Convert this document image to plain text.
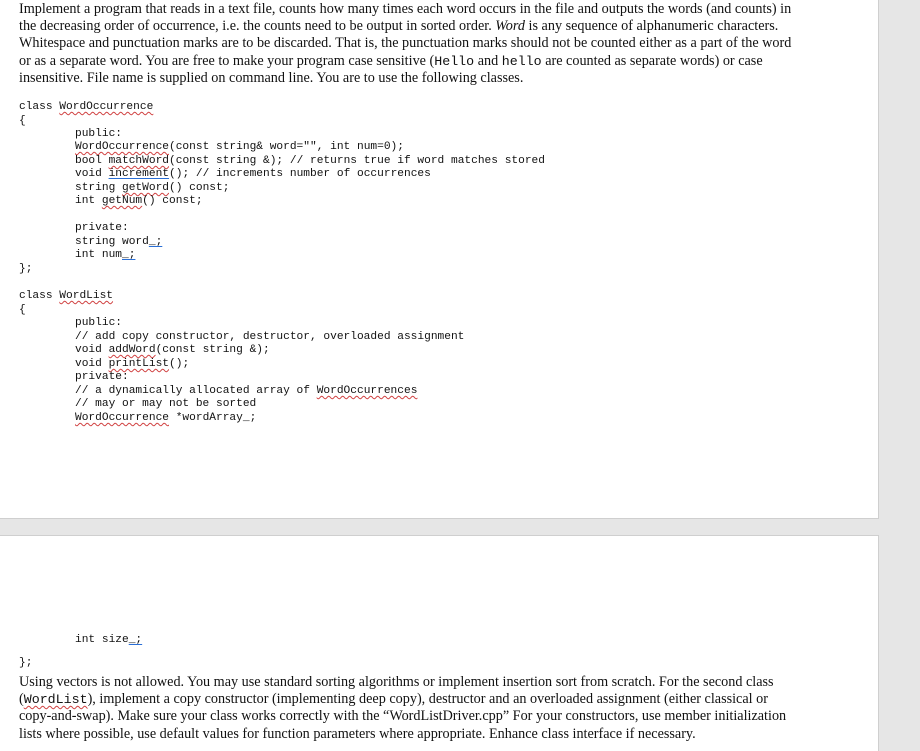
Implement a program that reads in a text file, counts how many times each word occurs in the file and outputs the words (and counts) in the decreasing order of occurrence, i.e. the counts need to be output in sorted order. Word is any sequence of alphanumeric characters. Whitespace and punctuation marks are to be discarded. That is, the punctuation marks should not be counted either as a part of the word or as a separate word. You are free to make your program case sensitive (Hello and hello are counted as separate words) or case insensitive. File name is supplied on command line. You are to use the following classes.
class WordOccurrence
{
public:
WordOccurrence(const string& word="", int num=0);
bool matchWord(const string &); // returns true if word matches stored
void increment(); // increments number of occurrences
string getWord() const;
int getNum() const;
private:
string word_;
int num_;
};
class WordList
{
public:
// add copy constructor, destructor, overloaded assignment
void addWord(const string &);
void printList();
private:
// a dynamically allocated array of WordOccurrences
// may or may not be sorted
WordOccurrence *wordArray_;
int size_;
};
Using vectors is not allowed. You may use standard sorting algorithms or implement insertion sort from scratch. For the second class (WordList), implement a copy constructor (implementing deep copy), destructor and an overloaded assignment (either classical or copy-and-swap). Make sure your class works correctly with the “WordListDriver.cpp” For your constructors, use member initialization lists where possible, use default values for function parameters where appropriate. Enhance class interface if necessary.
